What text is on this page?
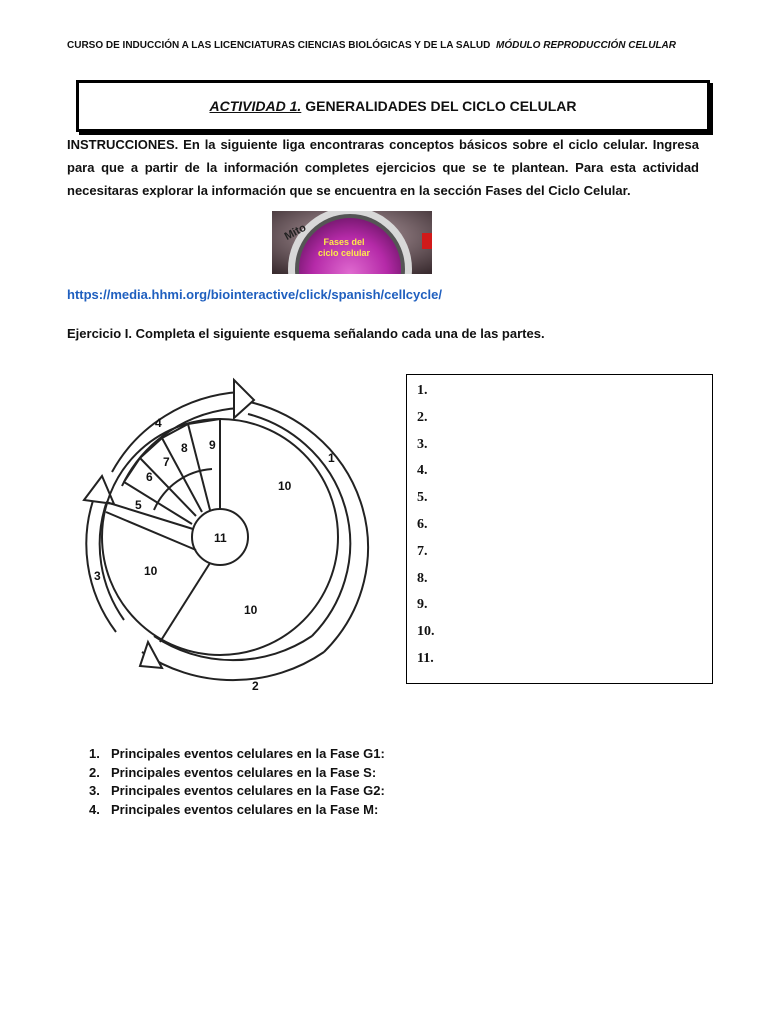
CURSO DE INDUCCIÓN A LAS LICENCIATURAS CIENCIAS BIOLÓGICAS Y DE LA SALUD MÓDULO REPRODUCCIÓN CELULAR
ACTIVIDAD 1. GENERALIDADES DEL CICLO CELULAR
INSTRUCCIONES. En la siguiente liga encontraras conceptos básicos sobre el ciclo celular. Ingresa para que a partir de la información completes ejercicios que se te plantean. Para esta actividad necesitaras explorar la información que se encuentra en la sección Fases del Ciclo Celular.
Mito Fases del
ciclo celular
https://media.hhmi.org/biointeractive/click/spanish/cellcycle/
Ejercicio I. Completa el siguiente esquema señalando cada una de las partes.
1
2
3
4
5
6
7
8 9
10
10
10
11
1.
2.
3.
4.
5.
6.
7.
8.
9.
10.
11.
1. Principales eventos celulares en la Fase G1:
2. Principales eventos celulares en la Fase S:
3. Principales eventos celulares en la Fase G2:
4. Principales eventos celulares en la Fase M:
